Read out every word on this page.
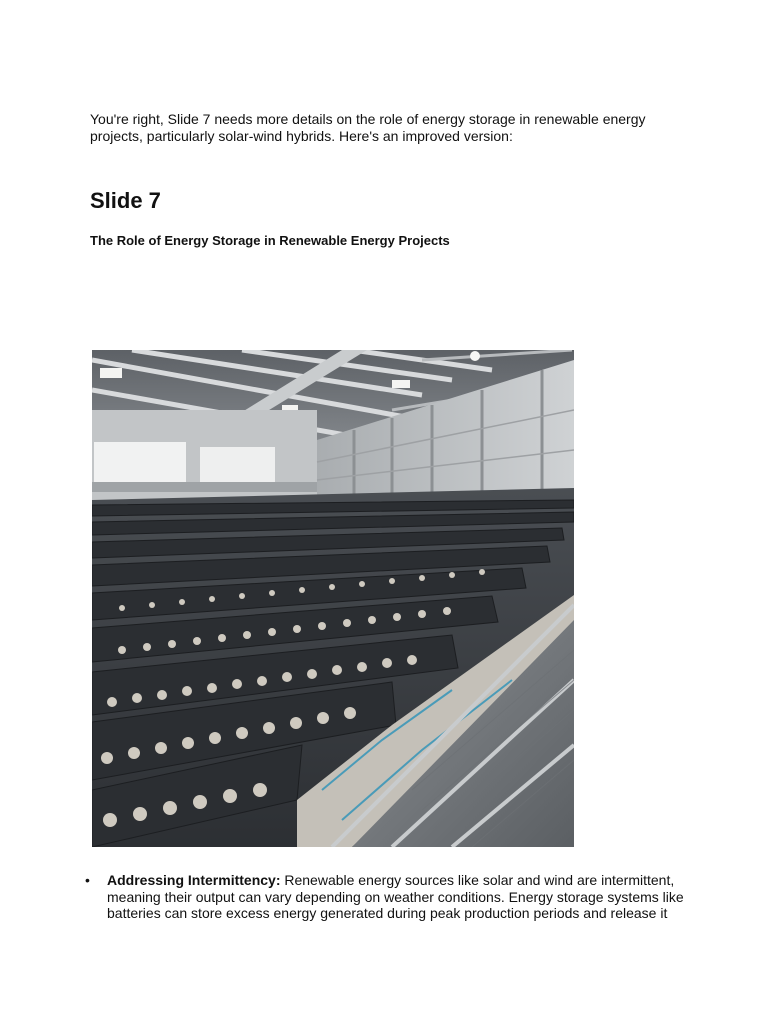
You're right, Slide 7 needs more details on the role of energy storage in renewable energy projects, particularly solar-wind hybrids. Here's an improved version:

Slide 7
The Role of Energy Storage in Renewable Energy Projects
• Addressing Intermittency: Renewable energy sources like solar and wind are intermittent, meaning their output can vary depending on weather conditions. Energy storage systems like batteries can store excess energy generated during peak production periods and release it
